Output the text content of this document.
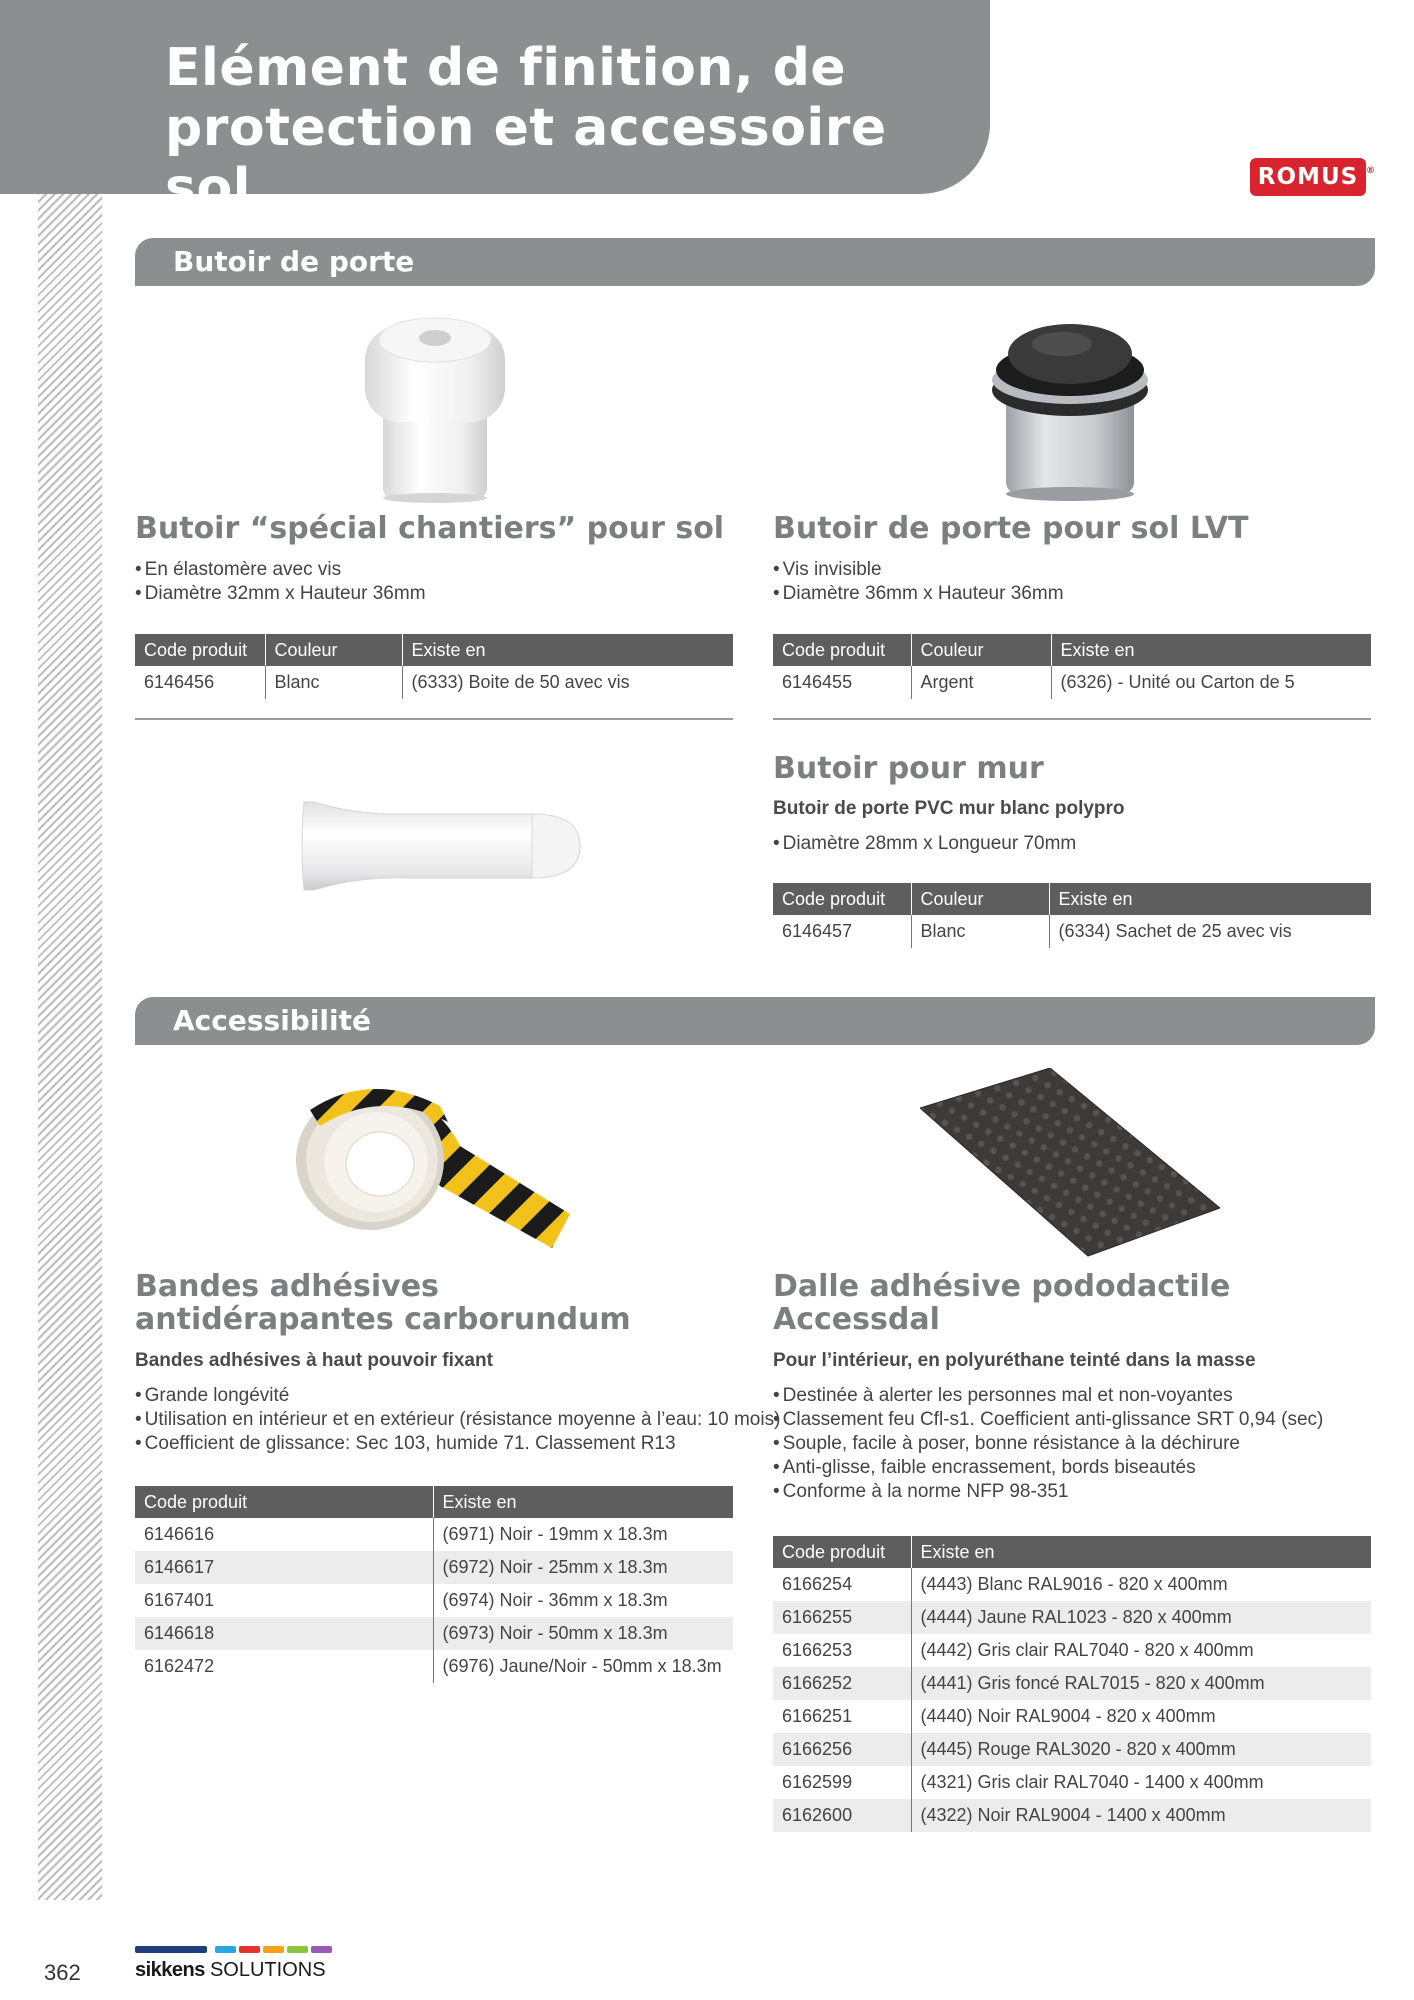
Elément de finition, de
protection et accessoire sol	ROMUS ®
Butoir de porte
Butoir “spécial chantiers” pour sol
• En élastomère avec vis
• Diamètre 32mm x Hauteur 36mm
Code produit	Couleur	Existe en
6146456	Blanc	(6333) Boite de 50 avec vis
Butoir de porte pour sol LVT
• Vis invisible
• Diamètre 36mm x Hauteur 36mm
Code produit	Couleur	Existe en
6146455	Argent	(6326) - Unité ou Carton de 5
Butoir pour mur
Butoir de porte PVC mur blanc polypro
• Diamètre 28mm x Longueur 70mm
Code produit	Couleur	Existe en
6146457	Blanc	(6334) Sachet de 25 avec vis
Accessibilité
Bandes adhésives
antidérapantes carborundum
Bandes adhésives à haut pouvoir fixant
• Grande longévité
• Utilisation en intérieur et en extérieur (résistance moyenne à l’eau: 10 mois)
• Coefficient de glissance: Sec 103, humide 71. Classement R13
Code produit	Existe en
6146616	(6971) Noir - 19mm x 18.3m
6146617	(6972) Noir - 25mm x 18.3m
6167401	(6974) Noir - 36mm x 18.3m
6146618	(6973) Noir - 50mm x 18.3m
6162472	(6976) Jaune/Noir - 50mm x 18.3m
Dalle adhésive pododactile
Accessdal
Pour l’intérieur, en polyuréthane teinté dans la masse
• Destinée à alerter les personnes mal et non-voyantes
• Classement feu Cfl-s1. Coefficient anti-glissance SRT 0,94 (sec)
• Souple, facile à poser, bonne résistance à la déchirure
• Anti-glisse, faible encrassement, bords biseautés
• Conforme à la norme NFP 98-351
Code produit	Existe en
6166254	(4443) Blanc RAL9016 - 820 x 400mm
6166255	(4444) Jaune RAL1023 - 820 x 400mm
6166253	(4442) Gris clair RAL7040 - 820 x 400mm
6166252	(4441) Gris foncé RAL7015 - 820 x 400mm
6166251	(4440) Noir RAL9004 - 820 x 400mm
6166256	(4445) Rouge RAL3020 - 820 x 400mm
6162599	(4321) Gris clair RAL7040 - 1400 x 400mm
6162600	(4322) Noir RAL9004 - 1400 x 400mm
362	sikkens SOLUTIONS
